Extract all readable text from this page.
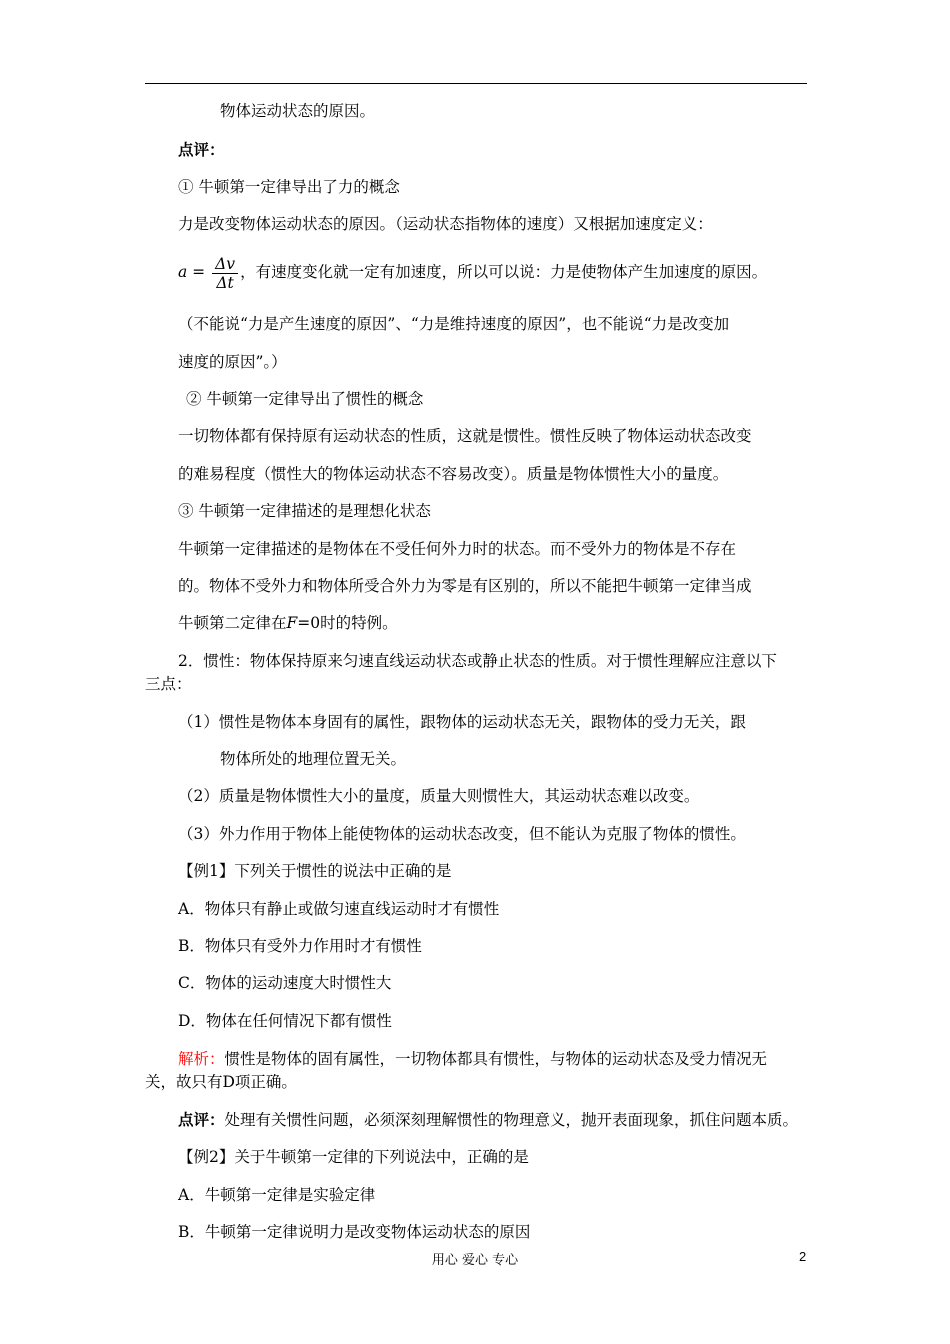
物体运动状态的原因。
点评：
① 牛顿第一定律导出了力的概念
力是改变物体运动状态的原因。（运动状态指物体的速度）又根据加速度定义：
$a = \frac{\Delta v}{\Delta t}$ ，有速度变化就一定有加速度，所以可以说：力是使物体产生加速度的原因。
（不能说“力是产生速度的原因”、“力是维持速度的原因”，也不能说“力是改变加
速度的原因”。）
② 牛顿第一定律导出了惯性的概念
一切物体都有保持原有运动状态的性质，这就是惯性。惯性反映了物体运动状态改变
的难易程度（惯性大的物体运动状态不容易改变）。质量是物体惯性大小的量度。
③ 牛顿第一定律描述的是理想化状态
牛顿第一定律描述的是物体在不受任何外力时的状态。而不受外力的物体是不存在
的。物体不受外力和物体所受合外力为零是有区别的，所以不能把牛顿第一定律当成
牛顿第二定律在F=0时的特例。
2．惯性：物体保持原来匀速直线运动状态或静止状态的性质。对于惯性理解应注意以下
三点：
（1）惯性是物体本身固有的属性，跟物体的运动状态无关，跟物体的受力无关，跟
物体所处的地理位置无关。
（2）质量是物体惯性大小的量度，质量大则惯性大，其运动状态难以改变。
（3）外力作用于物体上能使物体的运动状态改变，但不能认为克服了物体的惯性。
【例1】下列关于惯性的说法中正确的是
A．物体只有静止或做匀速直线运动时才有惯性
B．物体只有受外力作用时才有惯性
C．物体的运动速度大时惯性大
D．物体在任何情况下都有惯性
解析：惯性是物体的固有属性，一切物体都具有惯性，与物体的运动状态及受力情况无
关，故只有D项正确。
点评：处理有关惯性问题，必须深刻理解惯性的物理意义，抛开表面现象，抓住问题本质。
【例2】关于牛顿第一定律的下列说法中，正确的是
A．牛顿第一定律是实验定律
B．牛顿第一定律说明力是改变物体运动状态的原因
用心 爱心 专心	2
